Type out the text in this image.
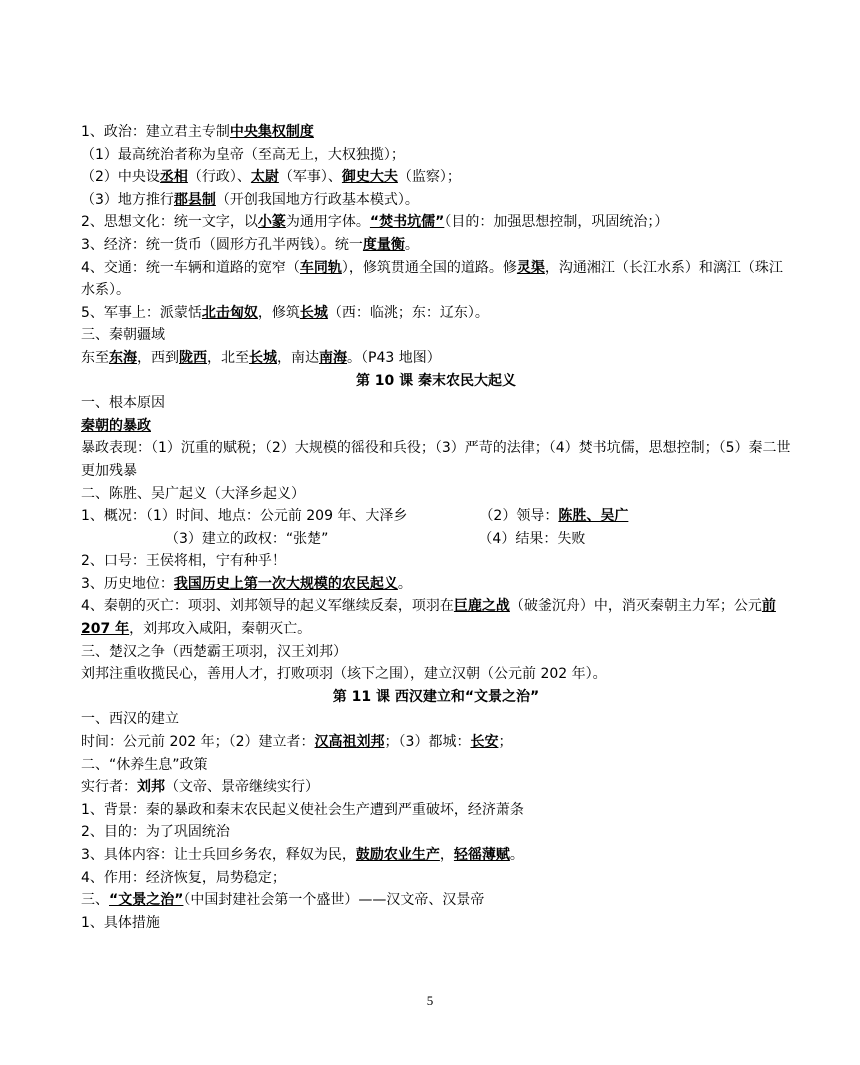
1、政治：建立君主专制中央集权制度
（1）最高统治者称为皇帝（至高无上，大权独揽）；
（2）中央设丞相（行政）、太尉（军事）、御史大夫（监察）；
（3）地方推行郡县制（开创我国地方行政基本模式）。
2、思想文化：统一文字，以小篆为通用字体。“焚书坑儒”（目的：加强思想控制，巩固统治；）
3、经济：统一货币（圆形方孔半两钱）。统一度量衡。
4、交通：统一车辆和道路的宽窄（车同轨），修筑贯通全国的道路。修灵渠，沟通湘江（长江水系）和漓江（珠江水系）。
5、军事上：派蒙恬北击匈奴，修筑长城（西：临洮；东：辽东）。
三、秦朝疆域
东至东海，西到陇西，北至长城，南达南海。（P43 地图）
第 10 课 秦末农民大起义
一、根本原因
秦朝的暴政
暴政表现：（1）沉重的赋税；（2）大规模的徭役和兵役；（3）严苛的法律；（4）焚书坑儒，思想控制；（5）秦二世更加残暴
二、陈胜、吴广起义（大泽乡起义）
1、概况：（1）时间、地点：公元前 209 年、大泽乡	（2）领导：陈胜、吴广
（3）建立的政权：“张楚”	（4）结果：失败
2、口号：王侯将相，宁有种乎！
3、历史地位：我国历史上第一次大规模的农民起义。
4、秦朝的灭亡：项羽、刘邦领导的起义军继续反秦，项羽在巨鹿之战（破釜沉舟）中，消灭秦朝主力军；公元前 207 年，刘邦攻入咸阳，秦朝灭亡。
三、楚汉之争（西楚霸王项羽，汉王刘邦）
刘邦注重收揽民心，善用人才，打败项羽（垓下之围），建立汉朝（公元前 202 年）。
第 11 课 西汉建立和“文景之治”
一、西汉的建立
时间：公元前 202 年；（2）建立者：汉高祖刘邦；（3）都城：长安；
二、“休养生息”政策
实行者：刘邦（文帝、景帝继续实行）
1、背景：秦的暴政和秦末农民起义使社会生产遭到严重破坏，经济萧条
2、目的：为了巩固统治
3、具体内容：让士兵回乡务农，释奴为民，鼓励农业生产，轻徭薄赋。
4、作用：经济恢复，局势稳定；
三、“文景之治”（中国封建社会第一个盛世）——汉文帝、汉景帝
1、具体措施
5
